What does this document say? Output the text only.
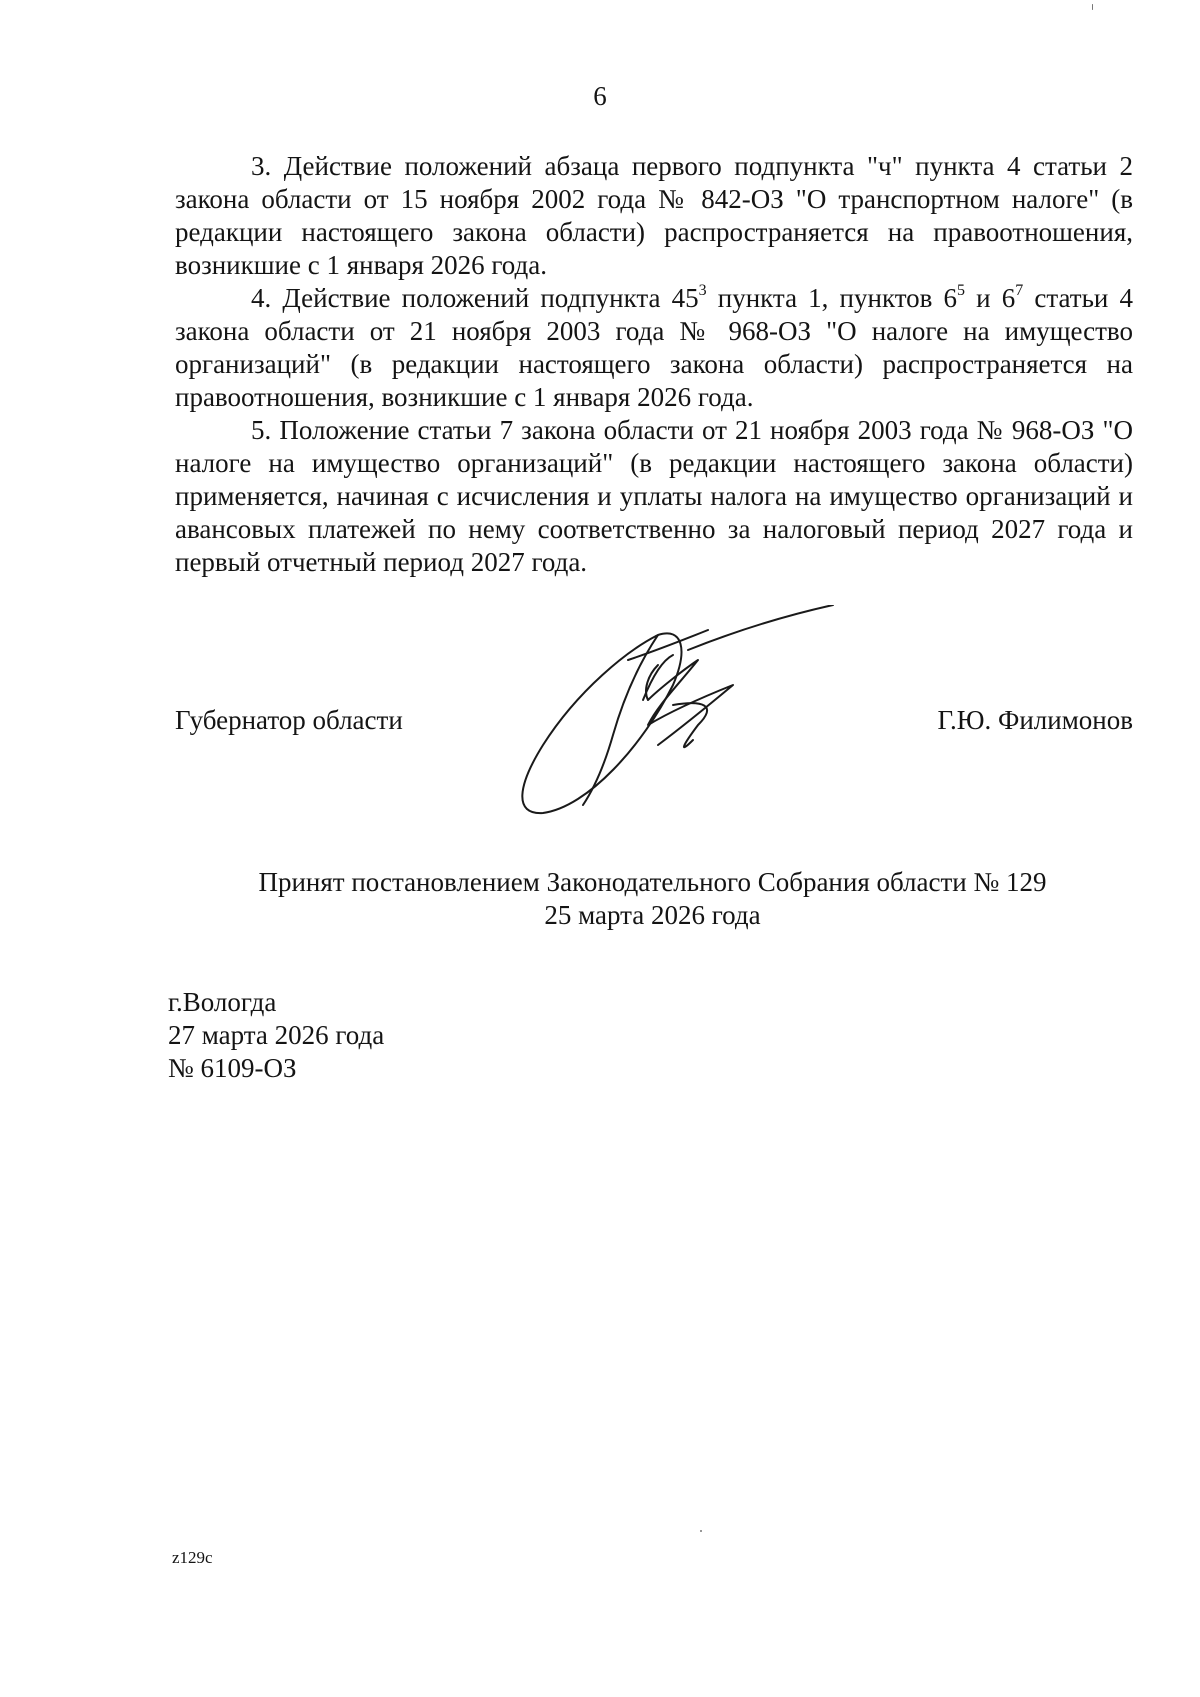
6

3. Действие положений абзаца первого подпункта "ч" пункта 4 статьи 2 закона области от 15 ноября 2002 года № 842-ОЗ "О транспортном налоге" (в редакции настоящего закона области) распространяется на правоотношения, возникшие с 1 января 2026 года.

4. Действие положений подпункта $45^3$ пункта 1, пунктов $6^5$ и $6^7$ статьи 4 закона области от 21 ноября 2003 года № 968-ОЗ "О налоге на имущество организаций" (в редакции настоящего закона области) распространяется на правоотношения, возникшие с 1 января 2026 года.

5. Положение статьи 7 закона области от 21 ноября 2003 года № 968-ОЗ "О налоге на имущество организаций" (в редакции настоящего закона области) применяется, начиная с исчисления и уплаты налога на имущество организаций и авансовых платежей по нему соответственно за налоговый период 2027 года и первый отчетный период 2027 года.

Губернатор области	Г.Ю. Филимонов
Принят постановлением Законодательного Собрания области № 129
25 марта 2026 года
г.Вологда
27 марта 2026 года
№ 6109-ОЗ
z129c
